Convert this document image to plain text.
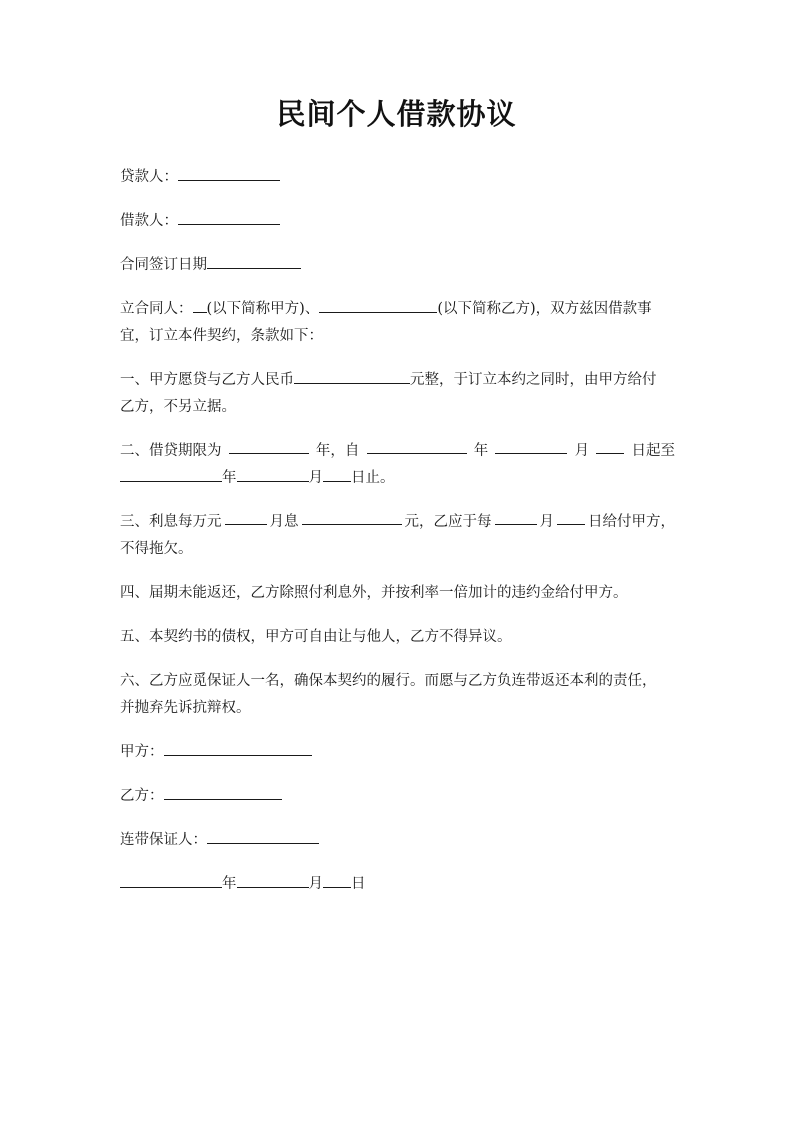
民间个人借款协议

贷款人：

借款人：

合同签订日期

立合同人： (以下简称甲方)、	(以下简称乙方)，双方兹因借款事
宜，订立本件契约，条款如下：

一、甲方愿贷与乙方人民币	元整，于订立本约之同时，由甲方给付
乙方，不另立据。

二、借贷期限为	年，自	年	月	日起至
年	月 日止。
三、利息每万元	月息	元，乙应于每	月 日给付甲方，
不得拖欠。

四、届期未能返还，乙方除照付利息外，并按利率一倍加计的违约金给付甲方。

五、本契约书的债权，甲方可自由让与他人，乙方不得异议。

六、乙方应觅保证人一名，确保本契约的履行。而愿与乙方负连带返还本利的责任，
并抛弃先诉抗辩权。

甲方：

乙方：

连带保证人：

年	月 日
